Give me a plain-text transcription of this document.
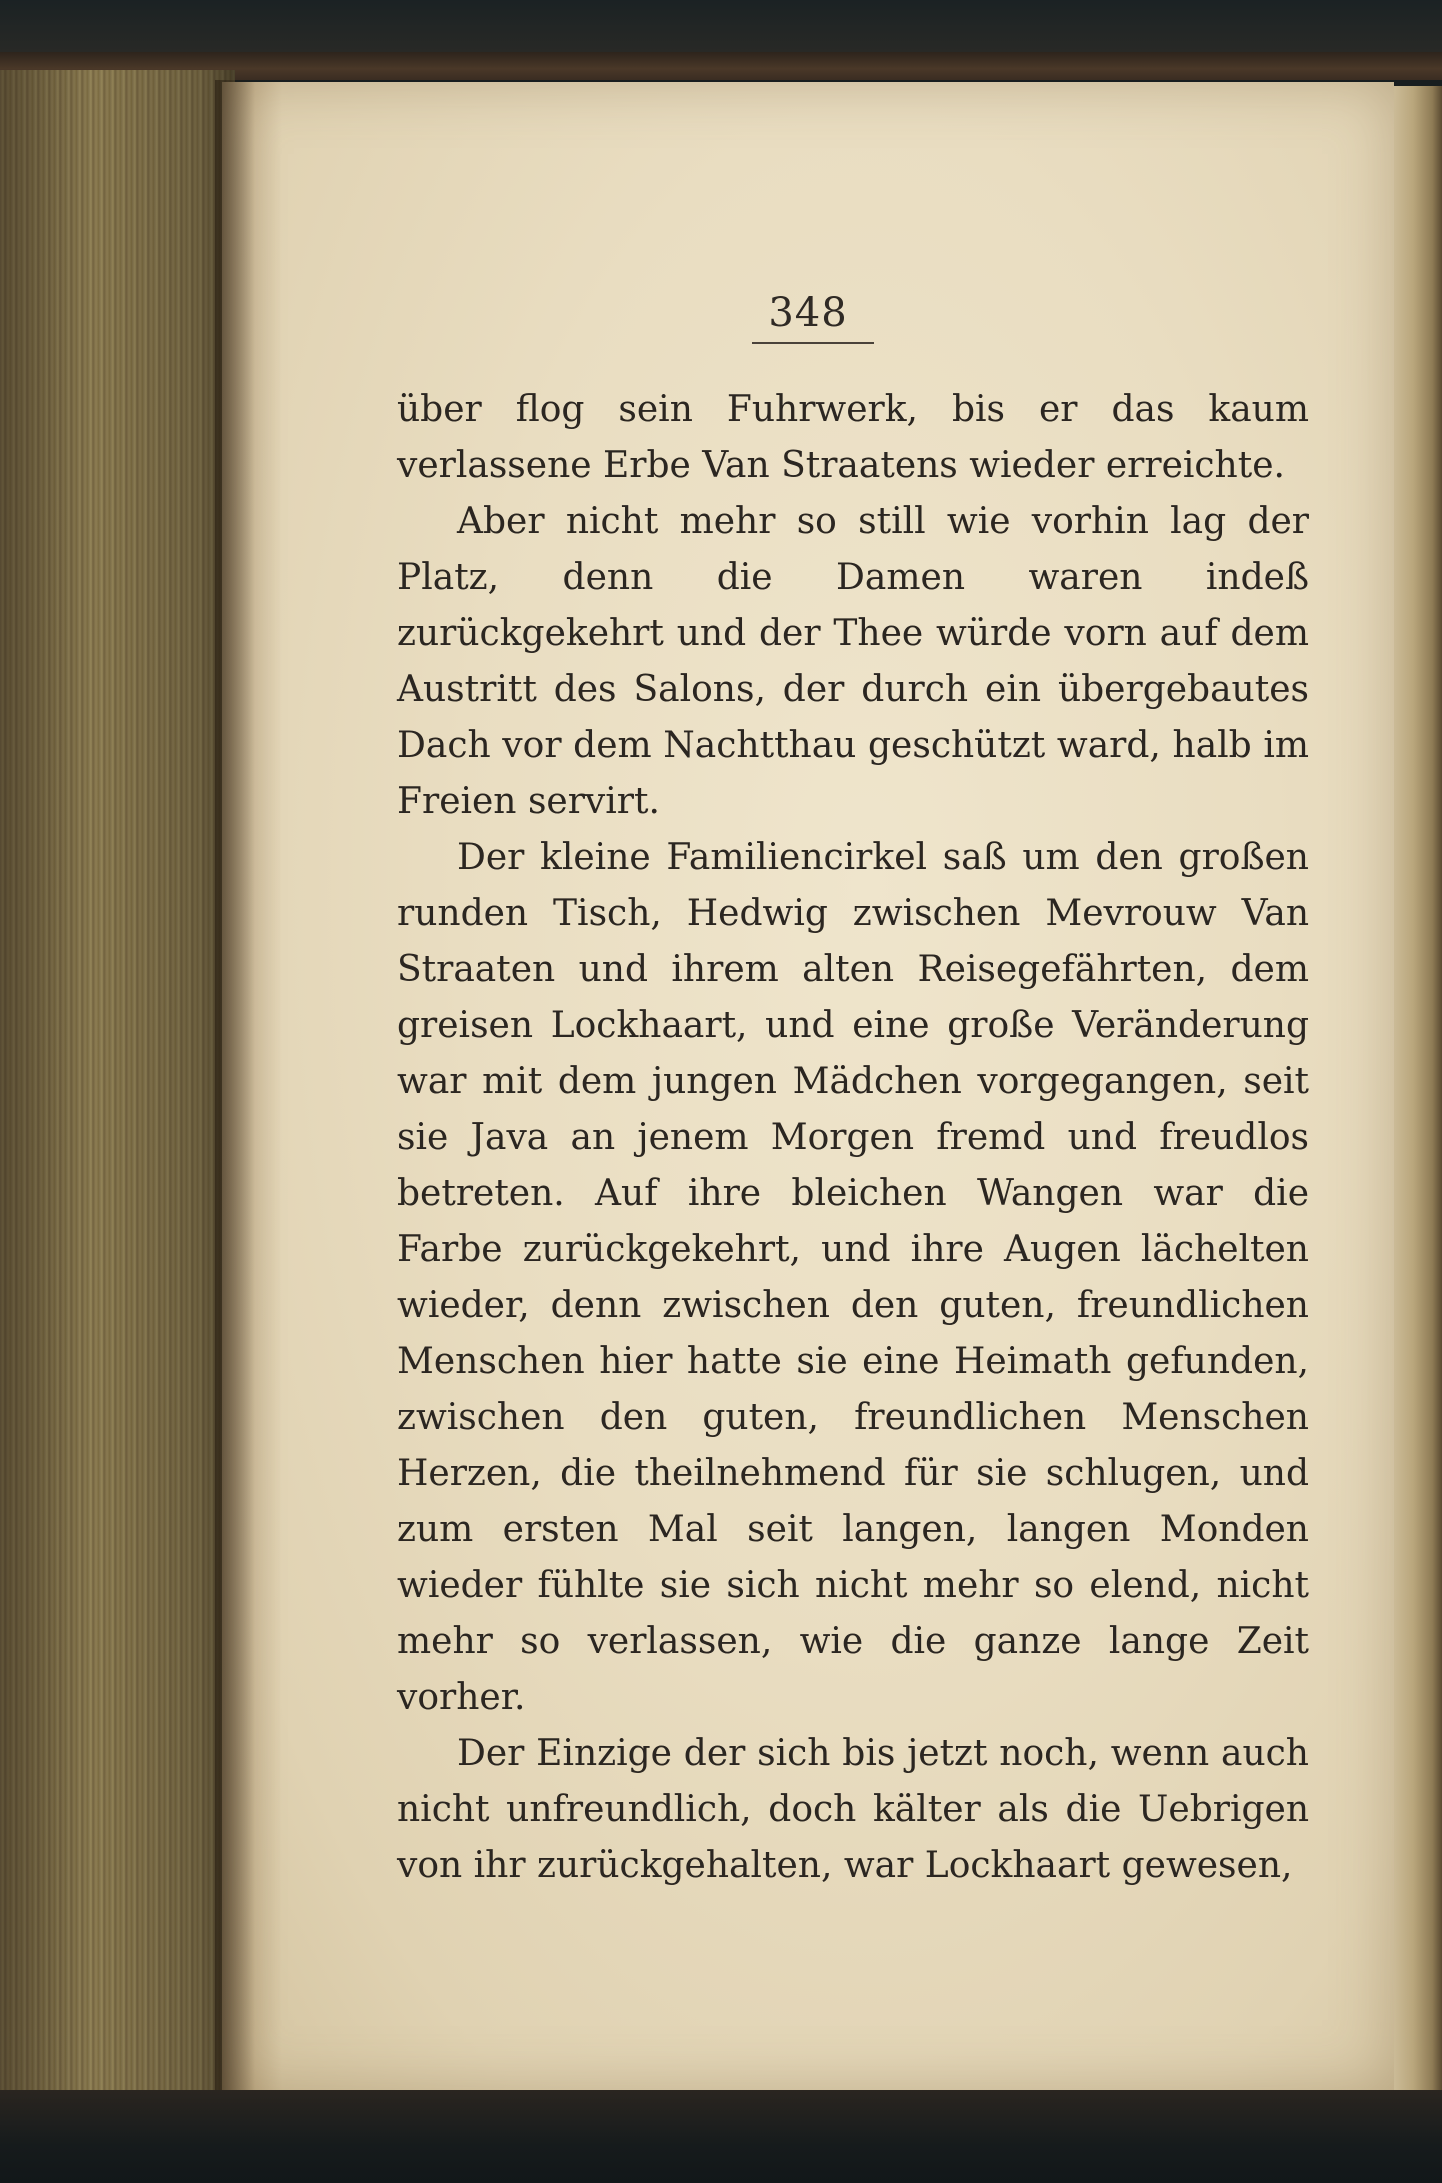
348

über flog sein Fuhrwerk, bis er das kaum verlassene Erbe Van Straatens wieder erreichte.

Aber nicht mehr so still wie vorhin lag der Platz, denn die Damen waren indeß zurückgekehrt und der Thee würde vorn auf dem Austritt des Salons, der durch ein übergebautes Dach vor dem Nachtthau geschützt ward, halb im Freien servirt.

Der kleine Familiencirkel saß um den großen runden Tisch, Hedwig zwischen Mevrouw Van Straaten und ihrem alten Reisegefährten, dem greisen Lockhaart, und eine große Veränderung war mit dem jungen Mädchen vorgegangen, seit sie Java an jenem Morgen fremd und freudlos betreten. Auf ihre bleichen Wangen war die Farbe zurückgekehrt, und ihre Augen lächelten wieder, denn zwischen den guten, freundlichen Menschen hier hatte sie eine Heimath gefunden, zwischen den guten, freundlichen Menschen Herzen, die theilnehmend für sie schlugen, und zum ersten Mal seit langen, langen Monden wieder fühlte sie sich nicht mehr so elend, nicht mehr so verlassen, wie die ganze lange Zeit vorher.

Der Einzige der sich bis jetzt noch, wenn auch nicht unfreundlich, doch kälter als die Uebrigen von ihr zurückgehalten, war Lockhaart gewesen,
